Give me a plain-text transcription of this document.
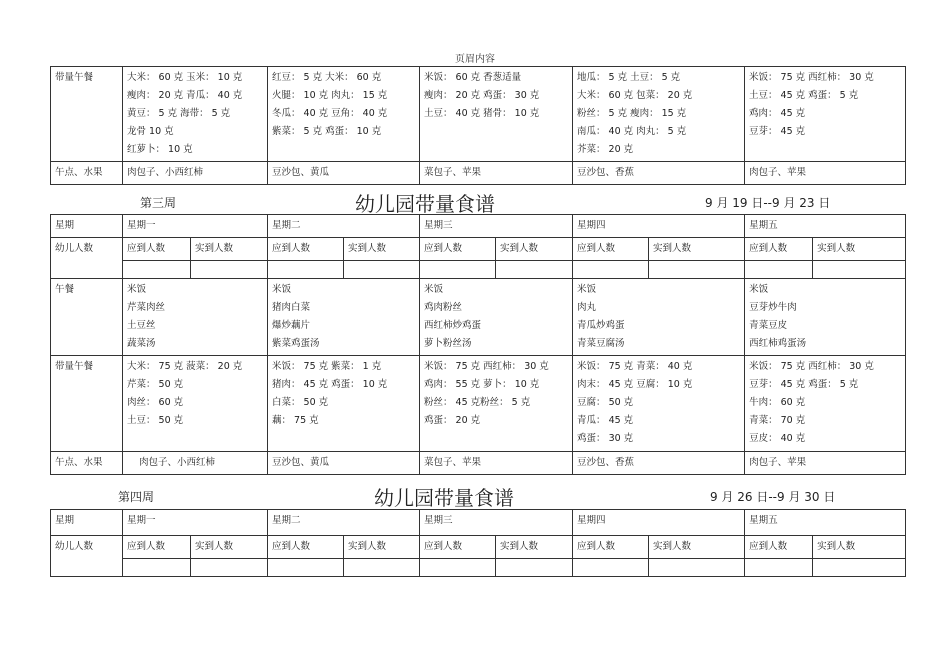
页眉内容
带量午餐	大米： 60 克 玉米： 10 克
瘦肉： 20 克 青瓜： 40 克
黄豆： 5 克 海带： 5 克
龙骨 10 克
红萝卜： 10 克	红豆： 5 克 大米： 60 克
火腿： 10 克 肉丸： 15 克
冬瓜： 40 克 豆角： 40 克
紫菜： 5 克 鸡蛋： 10 克	米饭： 60 克 香葱适量
瘦肉： 20 克 鸡蛋： 30 克
土豆： 40 克 猪骨： 10 克	地瓜： 5 克 土豆： 5 克
大米： 60 克 包菜： 20 克
粉丝： 5 克 瘦肉： 15 克
南瓜： 40 克 肉丸： 5 克
芥菜： 20 克	米饭： 75 克 西红柿： 30 克
土豆： 45 克 鸡蛋： 5 克
鸡肉： 45 克
豆芽： 45 克

午点、水果	肉包子、小西红柿	豆沙包、黄瓜	菜包子、苹果	豆沙包、香蕉	肉包子、苹果
第三周	幼儿园带量食谱	9 月 19 日--9 月 23 日
星期	星期一		星期二		星期三		星期四		星期五	
幼儿人数	应到人数	实到人数	应到人数	实到人数	应到人数	实到人数	应到人数	实到人数	应到人数	实到人数

午餐	米饭
芹菜肉丝
土豆丝
蔬菜汤		米饭
猪肉白菜
爆炒藕片
紫菜鸡蛋汤		米饭
鸡肉粉丝
西红柿炒鸡蛋
萝卜粉丝汤		米饭
肉丸
青瓜炒鸡蛋
青菜豆腐汤		米饭
豆芽炒牛肉
青菜豆皮
西红柿鸡蛋汤	

带量午餐	大米： 75 克 菠菜： 20 克
芹菜： 50 克
肉丝： 60 克
土豆： 50 克		米饭： 75 克 紫菜： 1 克
猪肉： 45 克 鸡蛋： 10 克
白菜： 50 克
藕： 75 克		米饭： 75 克 西红柿： 30 克
鸡肉： 55 克 萝卜： 10 克
粉丝： 45 克粉丝： 5 克
鸡蛋： 20 克		米饭： 75 克 青菜： 40 克
肉末： 45 克 豆腐： 10 克
豆腐： 50 克
青瓜： 45 克
鸡蛋： 30 克		米饭： 75 克 西红柿： 30 克
豆芽： 45 克 鸡蛋： 5 克
牛肉： 60 克
青菜： 70 克
豆皮： 40 克	

午点、水果	肉包子、小西红柿		豆沙包、黄瓜		菜包子、苹果		豆沙包、香蕉		肉包子、苹果	
第四周	幼儿园带量食谱	9 月 26 日--9 月 30 日
星期	星期一		星期二		星期三		星期四		星期五	
幼儿人数	应到人数	实到人数	应到人数	实到人数	应到人数	实到人数	应到人数	实到人数	应到人数	实到人数
